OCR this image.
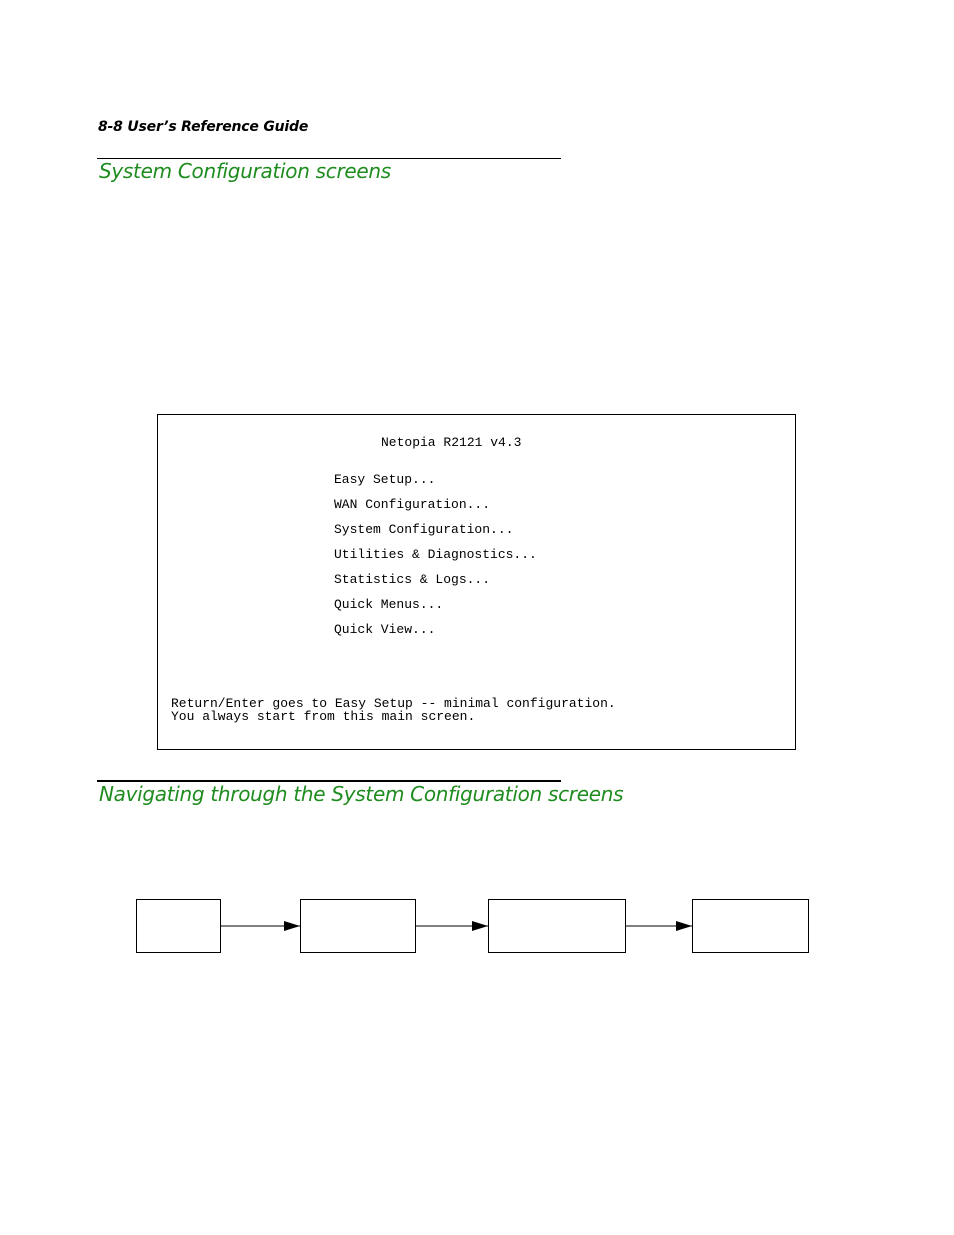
8-8 User’s Reference Guide
System Configuration screens
Netopia R2121 v4.3
Easy Setup...
WAN Configuration...
System Configuration...
Utilities & Diagnostics...
Statistics & Logs...
Quick Menus...
Quick View...
Return/Enter goes to Easy Setup -- minimal configuration.
You always start from this main screen.
Navigating through the System Configuration screens
